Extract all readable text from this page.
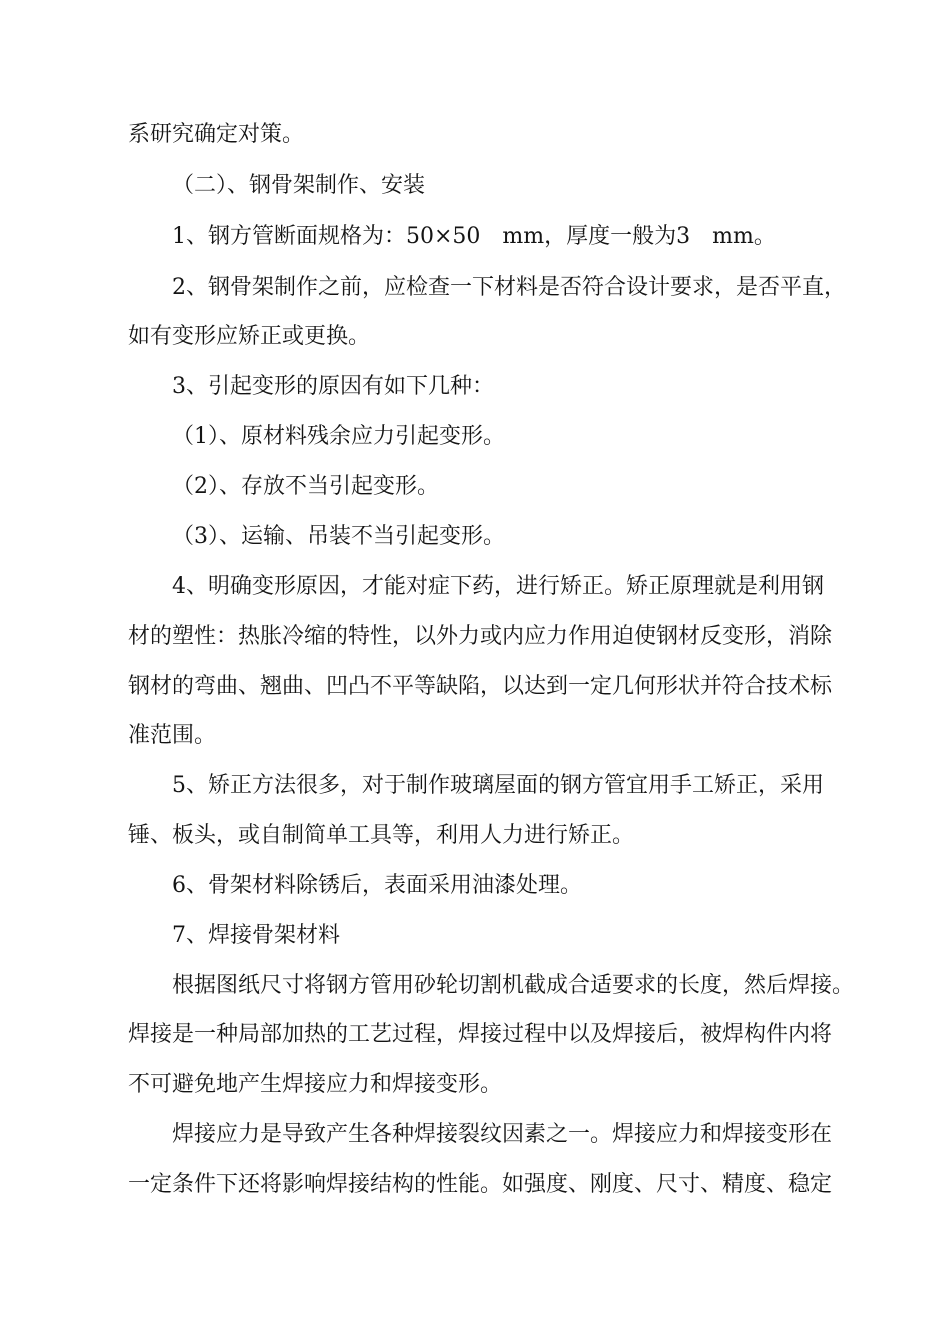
系研究确定对策。
（二）、钢骨架制作、安装
1、钢方管断面规格为：50×50　mm，厚度一般为3　mm。
2、钢骨架制作之前，应检查一下材料是否符合设计要求，是否平直，
如有变形应矫正或更换。
3、引起变形的原因有如下几种：
（1）、原材料残余应力引起变形。
（2）、存放不当引起变形。
（3）、运输、吊装不当引起变形。
4、明确变形原因，才能对症下药，进行矫正。矫正原理就是利用钢
材的塑性：热胀冷缩的特性，以外力或内应力作用迫使钢材反变形，消除
钢材的弯曲、翘曲、凹凸不平等缺陷，以达到一定几何形状并符合技术标
准范围。
5、矫正方法很多，对于制作玻璃屋面的钢方管宜用手工矫正，采用
锤、板头，或自制简单工具等，利用人力进行矫正。
6、骨架材料除锈后，表面采用油漆处理。
7、焊接骨架材料
根据图纸尺寸将钢方管用砂轮切割机截成合适要求的长度，然后焊接。
焊接是一种局部加热的工艺过程，焊接过程中以及焊接后，被焊构件内将
不可避免地产生焊接应力和焊接变形。
焊接应力是导致产生各种焊接裂纹因素之一。焊接应力和焊接变形在
一定条件下还将影响焊接结构的性能。如强度、刚度、尺寸、精度、稳定
